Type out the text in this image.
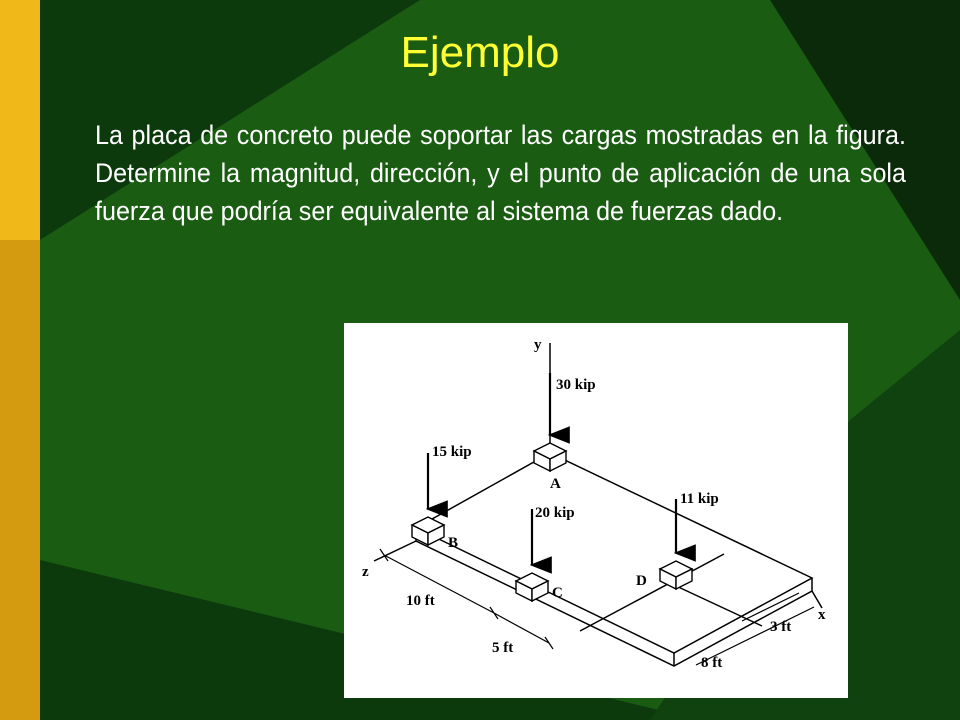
Ejemplo
La placa de concreto puede soportar las cargas mostradas en la figura. Determine la magnitud, dirección, y el punto de aplicación de una sola fuerza que podría ser equivalente al sistema de fuerzas dado.
y
z
x
30 kip
15 kip
20 kip
11 kip
A
B
C
D
10 ft
5 ft
3 ft
8 ft
